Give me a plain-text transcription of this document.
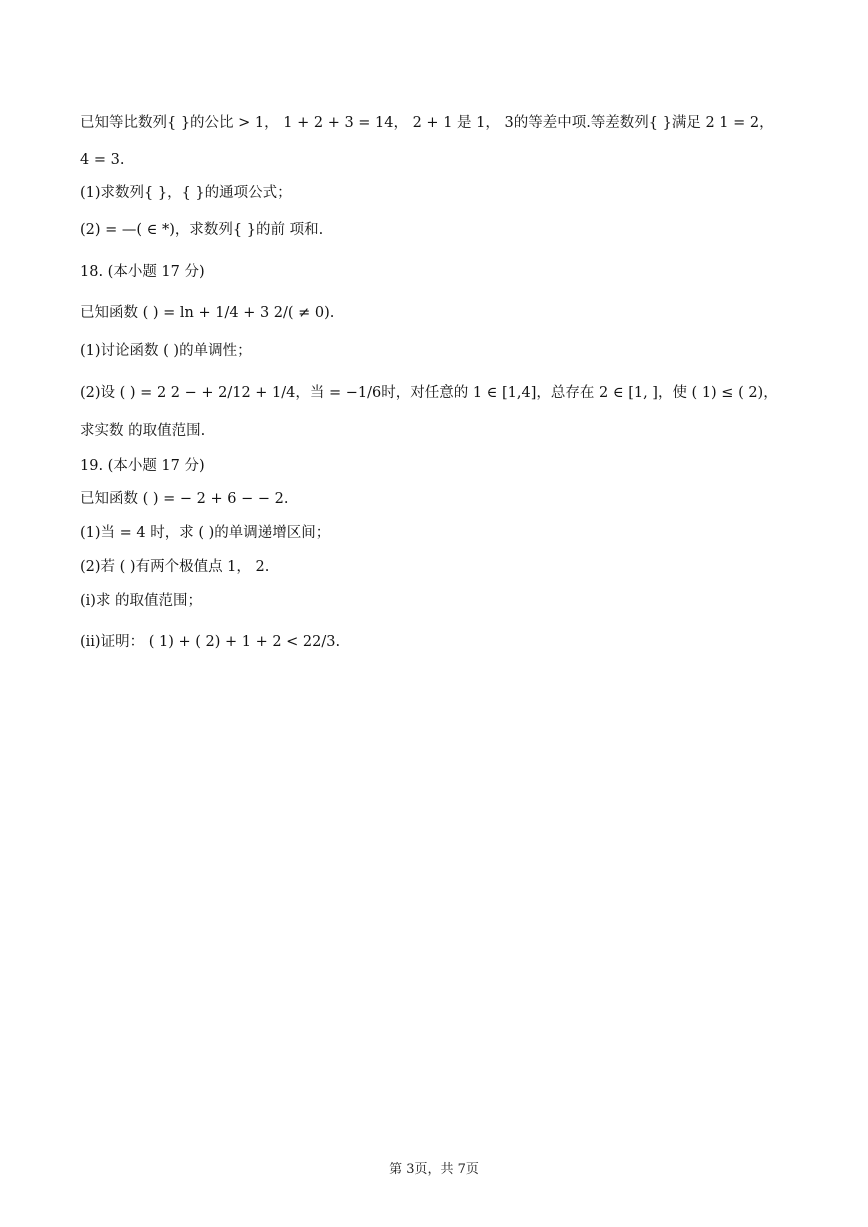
已知等比数列{ }的公比 > 1， 1 + 2 + 3 = 14， 2 + 1 是 1， 3的等差中项.等差数列{ }满足 2 1 = 2，
4 = 3.
(1)求数列{ }，{ }的通项公式；
(2) = —( ∈ *)，求数列{ }的前 项和.
18. (本小题 17 分)
已知函数 ( ) = ln + 1/4 + 3 2/( ≠ 0).
(1)讨论函数 ( )的单调性；
(2)设 ( ) = 2 2 − + 2/12 + 1/4，当 = −1/6时，对任意的 1 ∈ [1,4]，总存在 2 ∈ [1, ]，使 ( 1) ≤ ( 2)，
求实数 的取值范围.
19. (本小题 17 分)
已知函数 ( ) = − 2 + 6 − − 2.
(1)当 = 4 时，求 ( )的单调递增区间；
(2)若 ( )有两个极值点 1， 2.
(i)求 的取值范围；
(ii)证明： ( 1) + ( 2) + 1 + 2 < 22/3.
第 3页，共 7页
